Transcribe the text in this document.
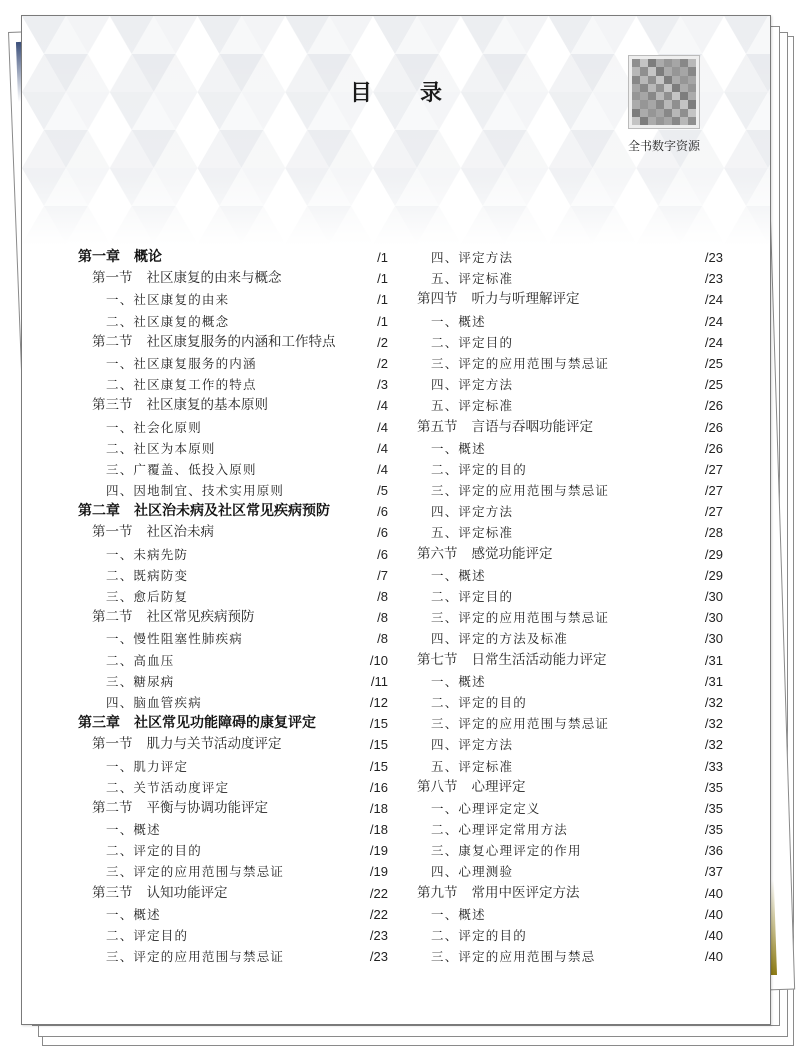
目 录
全书数字资源
第一章 概论	/1
第一节 社区康复的由来与概念	/1
一、社区康复的由来	/1
二、社区康复的概念	/1
第二节 社区康复服务的内涵和工作特点	/2
一、社区康复服务的内涵	/2
二、社区康复工作的特点	/3
第三节 社区康复的基本原则	/4
一、社会化原则	/4
二、社区为本原则	/4
三、广覆盖、低投入原则	/4
四、因地制宜、技术实用原则	/5
第二章 社区治未病及社区常见疾病预防	/6
第一节 社区治未病	/6
一、未病先防	/6
二、既病防变	/7
三、愈后防复	/8
第二节 社区常见疾病预防	/8
一、慢性阻塞性肺疾病	/8
二、高血压	/10
三、糖尿病	/11
四、脑血管疾病	/12
第三章 社区常见功能障碍的康复评定	/15
第一节 肌力与关节活动度评定	/15
一、肌力评定	/15
二、关节活动度评定	/16
第二节 平衡与协调功能评定	/18
一、概述	/18
二、评定的目的	/19
三、评定的应用范围与禁忌证	/19
第三节 认知功能评定	/22
一、概述	/22
二、评定目的	/23
三、评定的应用范围与禁忌证	/23
四、评定方法	/23
五、评定标准	/23
第四节 听力与听理解评定	/24
一、概述	/24
二、评定目的	/24
三、评定的应用范围与禁忌证	/25
四、评定方法	/25
五、评定标准	/26
第五节 言语与吞咽功能评定	/26
一、概述	/26
二、评定的目的	/27
三、评定的应用范围与禁忌证	/27
四、评定方法	/27
五、评定标准	/28
第六节 感觉功能评定	/29
一、概述	/29
二、评定目的	/30
三、评定的应用范围与禁忌证	/30
四、评定的方法及标准	/30
第七节 日常生活活动能力评定	/31
一、概述	/31
二、评定的目的	/32
三、评定的应用范围与禁忌证	/32
四、评定方法	/32
五、评定标准	/33
第八节 心理评定	/35
一、心理评定定义	/35
二、心理评定常用方法	/35
三、康复心理评定的作用	/36
四、心理测验	/37
第九节 常用中医评定方法	/40
一、概述	/40
二、评定的目的	/40
三、评定的应用范围与禁忌	/40
